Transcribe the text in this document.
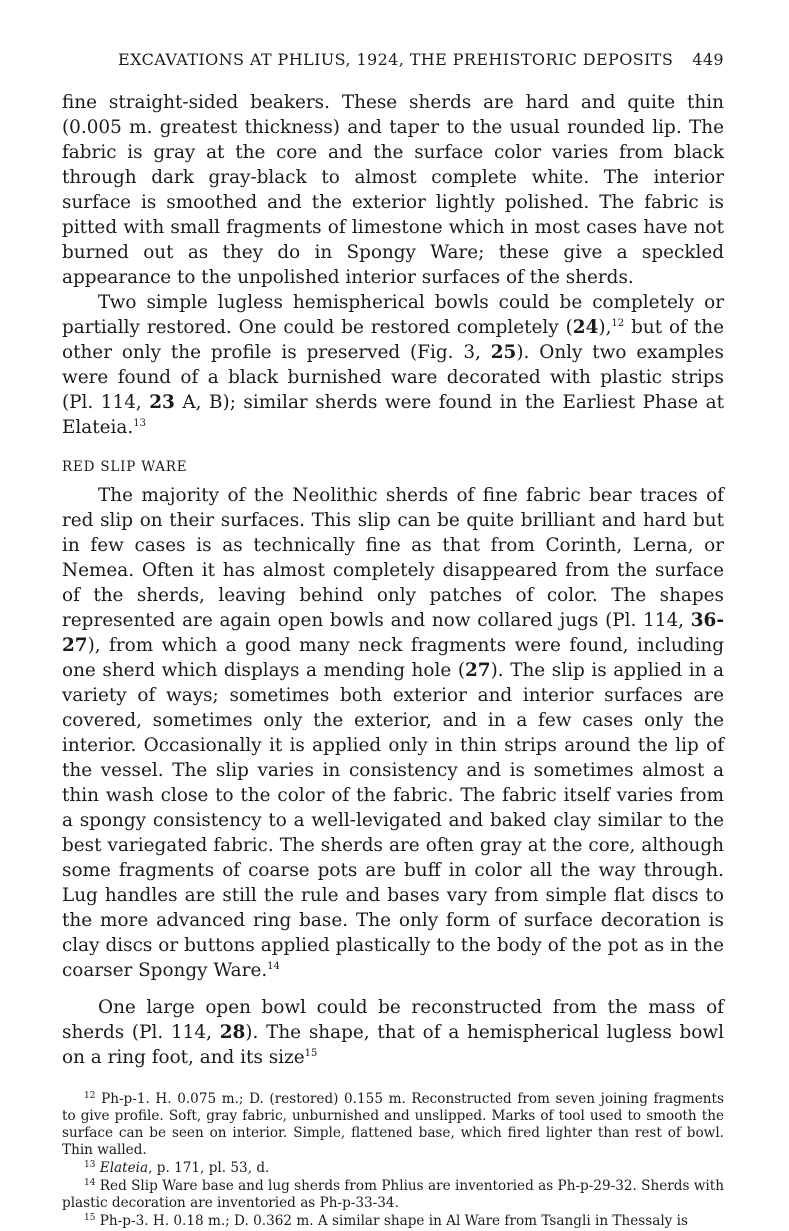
EXCAVATIONS AT PHLIUS, 1924, THE PREHISTORIC DEPOSITS 449

fine straight-sided beakers. These sherds are hard and quite thin (0.005 m. greatest thickness) and taper to the usual rounded lip. The fabric is gray at the core and the surface color varies from black through dark gray-black to almost complete white. The interior surface is smoothed and the exterior lightly polished. The fabric is pitted with small fragments of limestone which in most cases have not burned out as they do in Spongy Ware; these give a speckled appearance to the unpolished interior surfaces of the sherds.

Two simple lugless hemispherical bowls could be completely or partially restored. One could be restored completely (24),$^{12}$ but of the other only the profile is preserved (Fig. 3, 25). Only two examples were found of a black burnished ware decorated with plastic strips (Pl. 114, 23 A, B); similar sherds were found in the Earliest Phase at Elateia.$^{13}$

RED SLIP WARE

The majority of the Neolithic sherds of fine fabric bear traces of red slip on their surfaces. This slip can be quite brilliant and hard but in few cases is as technically fine as that from Corinth, Lerna, or Nemea. Often it has almost completely disappeared from the surface of the sherds, leaving behind only patches of color. The shapes represented are again open bowls and now collared jugs (Pl. 114, 36-27), from which a good many neck fragments were found, including one sherd which displays a mending hole (27). The slip is applied in a variety of ways; sometimes both exterior and interior surfaces are covered, sometimes only the exterior, and in a few cases only the interior. Occasionally it is applied only in thin strips around the lip of the vessel. The slip varies in consistency and is sometimes almost a thin wash close to the color of the fabric. The fabric itself varies from a spongy consistency to a well-levigated and baked clay similar to the best variegated fabric. The sherds are often gray at the core, although some fragments of coarse pots are buff in color all the way through. Lug handles are still the rule and bases vary from simple flat discs to the more advanced ring base. The only form of surface decoration is clay discs or buttons applied plastically to the body of the pot as in the coarser Spongy Ware.$^{14}$

One large open bowl could be reconstructed from the mass of sherds (Pl. 114, 28). The shape, that of a hemispherical lugless bowl on a ring foot, and its size$^{15}$

$^{12}$ Ph-p-1. H. 0.075 m.; D. (restored) 0.155 m. Reconstructed from seven joining fragments to give profile. Soft, gray fabric, unburnished and unslipped. Marks of tool used to smooth the surface can be seen on interior. Simple, flattened base, which fired lighter than rest of bowl. Thin walled.

$^{13}$ Elateia, p. 171, pl. 53, d.

$^{14}$ Red Slip Ware base and lug sherds from Phlius are inventoried as Ph-p-29-32. Sherds with plastic decoration are inventoried as Ph-p-33-34.

$^{15}$ Ph-p-3. H. 0.18 m.; D. 0.362 m. A similar shape in Al Ware from Tsangli in Thessaly is
